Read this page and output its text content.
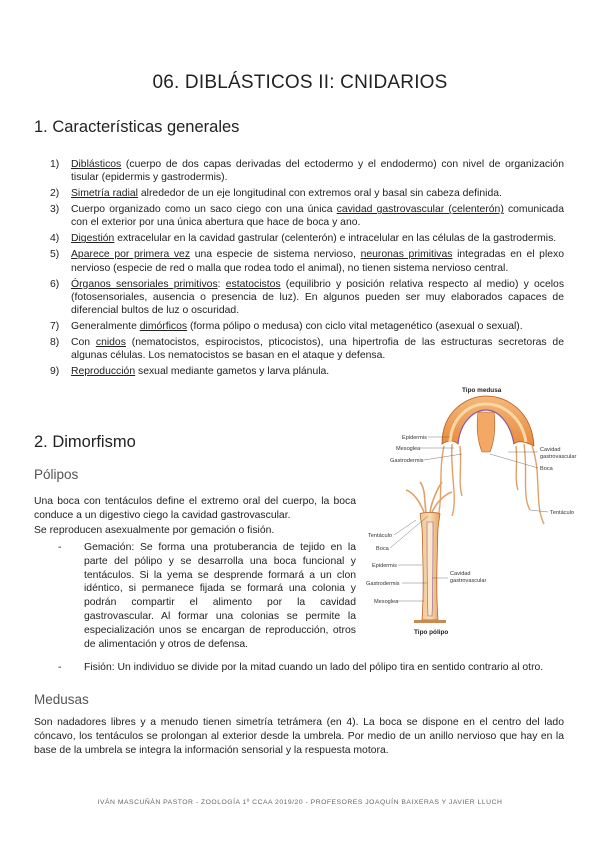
06. DIBLÁSTICOS II: CNIDARIOS
1. Características generales
1) Diblásticos (cuerpo de dos capas derivadas del ectodermo y el endodermo) con nivel de organización tisular (epidermis y gastrodermis).
2) Simetría radial alrededor de un eje longitudinal con extremos oral y basal sin cabeza definida.
3) Cuerpo organizado como un saco ciego con una única cavidad gastrovascular (celenterón) comunicada con el exterior por una única abertura que hace de boca y ano.
4) Digestión extracelular en la cavidad gastrular (celenterón) e intracelular en las células de la gastrodermis.
5) Aparece por primera vez una especie de sistema nervioso, neuronas primitivas integradas en el plexo nervioso (especie de red o malla que rodea todo el animal), no tienen sistema nervioso central.
6) Órganos sensoriales primitivos: estatocistos (equilibrio y posición relativa respecto al medio) y ocelos (fotosensoriales, ausencia o presencia de luz). En algunos pueden ser muy elaborados capaces de diferencial bultos de luz o oscuridad.
7) Generalmente dimórficos (forma pólipo o medusa) con ciclo vital metagenético (asexual o sexual).
8) Con cnidos (nematocistos, espirocistos, pticocistos), una hipertrofia de las estructuras secretoras de algunas células. Los nematocistos se basan en el ataque y defensa.
9) Reproducción sexual mediante gametos y larva plánula.
2. Dimorfismo
Pólipos

Una boca con tentáculos define el extremo oral del cuerpo, la boca conduce a un digestivo ciego la cavidad gastrovascular.

Se reproducen asexualmente por gemación o fisión.

- Gemación: Se forma una protuberancia de tejido en la parte del pólipo y se desarrolla una boca funcional y tentáculos. Si la yema se desprende formará a un clon idéntico, si permanece fijada se formará una colonia y podrán compartir el alimento por la cavidad gastrovascular. Al formar una colonias se permite la especialización unos se encargan de reproducción, otros de alimentación y otros de defensa.

- Fisión: Un individuo se divide por la mitad cuando un lado del pólipo tira en sentido contrario al otro.

Medusas

Son nadadores libres y a menudo tienen simetría tetrámera (en 4). La boca se dispone en el centro del lado cóncavo, los tentáculos se prolongan al exterior desde la umbrela. Por medio de un anillo nervioso que hay en la base de la umbrela se integra la información sensorial y la respuesta motora.

Tipo medusa
Epidermis
Mesoglea
Gastrodermis
Cavidad
gastrovascular
Boca
Tentáculo
Tentáculo
Boca
Epidermis
Cavidad
gastrovascular
Gastrodermis
Mesoglea
Tipo pólipo
IVÁN MASCUÑÁN PASTOR - ZOOLOGÍA 1º CCAA 2019/20 - PROFESORES JOAQUÍN BAIXERAS Y JAVIER LLUCH
